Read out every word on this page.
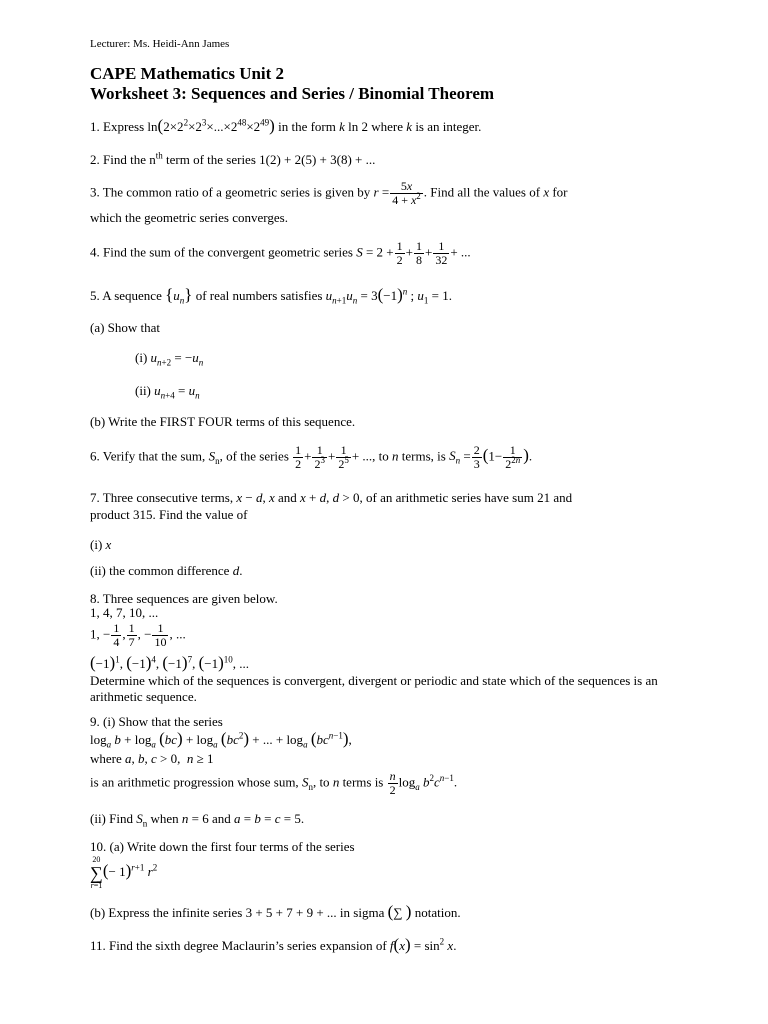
Lecturer: Ms. Heidi-Ann James
CAPE Mathematics Unit 2
Worksheet 3: Sequences and Series / Binomial Theorem
1. Express $\ln(2\times 2^2\times 2^3\times...\times 2^{48}\times 2^{49})$ in the form k ln 2 where k is an integer.
2. Find the $n^{th}$ term of the series 1(2) + 2(5) + 3(8) + ...
3. The common ratio of a geometric series is given by $r = \frac{5x}{4 + x^2}$ . Find all the values of x for
which the geometric series converges.
4. Find the sum of the convergent geometric series $S = 2 + \frac{1}{2} + \frac{1}{8} + \frac{1}{32}$ + ...
5. A sequence $\{u_n\}$ of real numbers satisfies $u_{n+1}u_n = 3(-1)^n$ ; $u_1 = 1$.
(a) Show that
(i) $u_{n+2} = -u_n$
(ii) $u_{n+4} = u_n$
(b) Write the FIRST FOUR terms of this sequence.
6. Verify that the sum, $S_n$, of the series $\frac{1}{2} + \frac{1}{2^3} + \frac{1}{2^5}$ + ..., to n terms, is $S_n = \frac{2}{3} (1- \frac{1}{2^{2n}}$ ).
7. Three consecutive terms, x − d, x and x + d, d > 0, of an arithmetic series have sum 21 and
product 315. Find the value of
(i) x
(ii) the common difference d.
8. Three sequences are given below.
1, 4, 7, 10, ...
1, − $\frac{1}{4}$ , $\frac{1}{7}$ , − $\frac{1}{10}$ , ...
$(-1)^1$, $(-1)^4$, $(-1)^7$, $(-1)^{10}$, ...
Determine which of the sequences is convergent, divergent or periodic and state which of the sequences is an arithmetic sequence.
9. (i) Show that the series
$\log_a b + \log_a (bc) + \log_a (bc^2)$ + ... + $\log_a (bc^{n-1})$,
where a, b, c > 0,  n ≥ 1
is an arithmetic progression whose sum, $S_n$, to n terms is $\frac{n}{2} \log_a b^2c^{n-1}$.
(ii) Find $S_n$ when n = 6 and a = b = c = 5.
10. (a) Write down the first four terms of the series
20
∑
$r=1(- 1)^{r+1}$ $r^2$
(b) Express the infinite series 3 + 5 + 7 + 9 + ... in sigma (∑ ) notation.
11. Find the sixth degree Maclaurin’s series expansion of $f(x) = \sin^2 x$.
